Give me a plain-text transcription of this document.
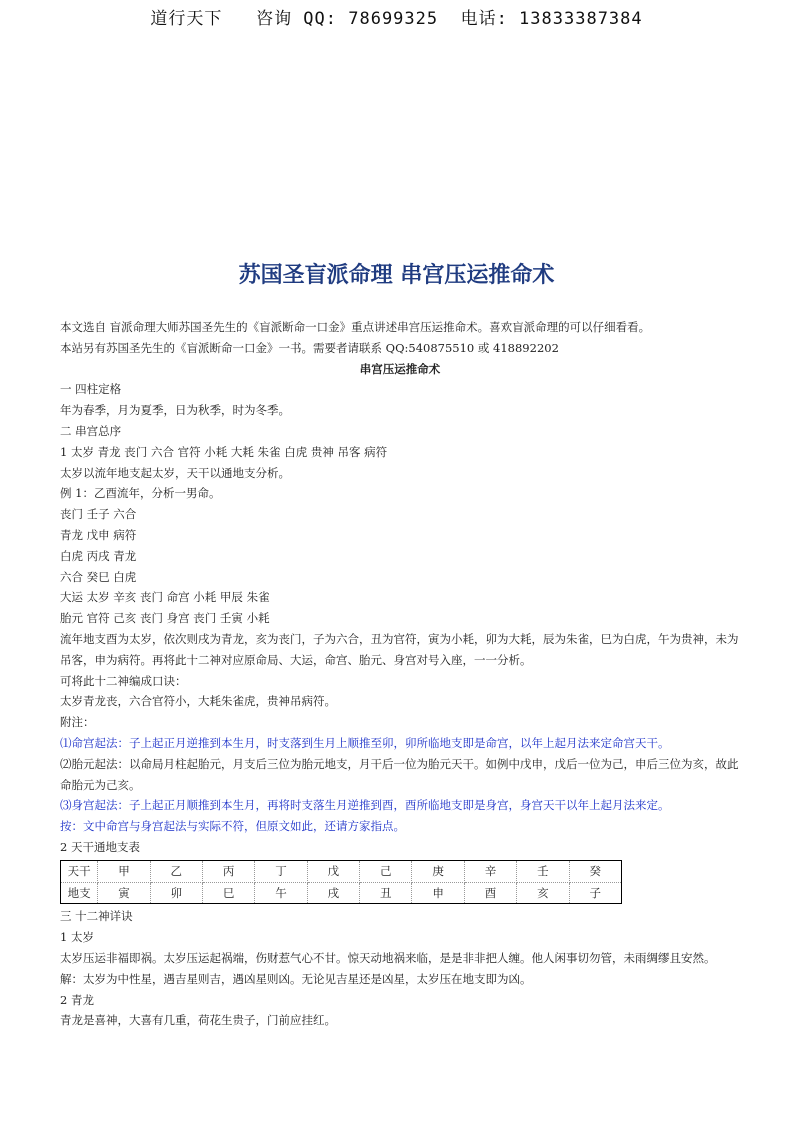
道行天下   咨询 QQ: 78699325  电话: 13833387384
苏国圣盲派命理 串宫压运推命术
本文选自 盲派命理大师苏国圣先生的《盲派断命一口金》重点讲述串宫压运推命术。喜欢盲派命理的可以仔细看看。
本站另有苏国圣先生的《盲派断命一口金》一书。需要者请联系 QQ:540875510 或 418892202
串宫压运推命术
一 四柱定格
年为春季，月为夏季，日为秋季，时为冬季。
二 串宫总序
1 太岁 青龙 丧门 六合 官符 小耗 大耗 朱雀 白虎 贵神 吊客 病符
太岁以流年地支起太岁，天干以通地支分析。
例 1：乙酉流年，分析一男命。
丧门 壬子 六合
青龙 戊申 病符
白虎 丙戌 青龙
六合 癸巳 白虎
大运 太岁 辛亥 丧门 命宫 小耗 甲辰 朱雀
胎元 官符 己亥 丧门 身宫 丧门 壬寅 小耗
流年地支酉为太岁，依次则戌为青龙，亥为丧门，子为六合，丑为官符，寅为小耗，卯为大耗，辰为朱雀，巳为白虎，午为贵神，未为吊客，申为病符。再将此十二神对应原命局、大运，命宫、胎元、身宫对号入座，一一分析。
可将此十二神编成口诀：
太岁青龙丧，六合官符小，大耗朱雀虎，贵神吊病符。
附注：
⑴命宫起法：子上起正月逆推到本生月，时支落到生月上顺推至卯，卯所临地支即是命宫，以年上起月法来定命宫天干。
⑵胎元起法：以命局月柱起胎元，月支后三位为胎元地支，月干后一位为胎元天干。如例中戊申，戊后一位为己，申后三位为亥，故此命胎元为己亥。
⑶身宫起法：子上起正月顺推到本生月，再将时支落生月逆推到酉，酉所临地支即是身宫，身宫天干以年上起月法来定。
按：文中命宫与身宫起法与实际不符，但原文如此，还请方家指点。
2 天干通地支表
天干	甲	乙	丙	丁	戊	己	庚	辛	壬	癸
地支	寅	卯	巳	午	戌	丑	申	酉	亥	子
三 十二神详诀
1 太岁
太岁压运非福即祸。太岁压运起祸端，伤财惹气心不甘。惊天动地祸来临，是是非非把人缠。他人闲事切勿管，未雨绸缪且安然。
解：太岁为中性星，遇吉星则吉，遇凶星则凶。无论见吉星还是凶星，太岁压在地支即为凶。
2 青龙
青龙是喜神，大喜有几重，荷花生贵子，门前应挂红。
